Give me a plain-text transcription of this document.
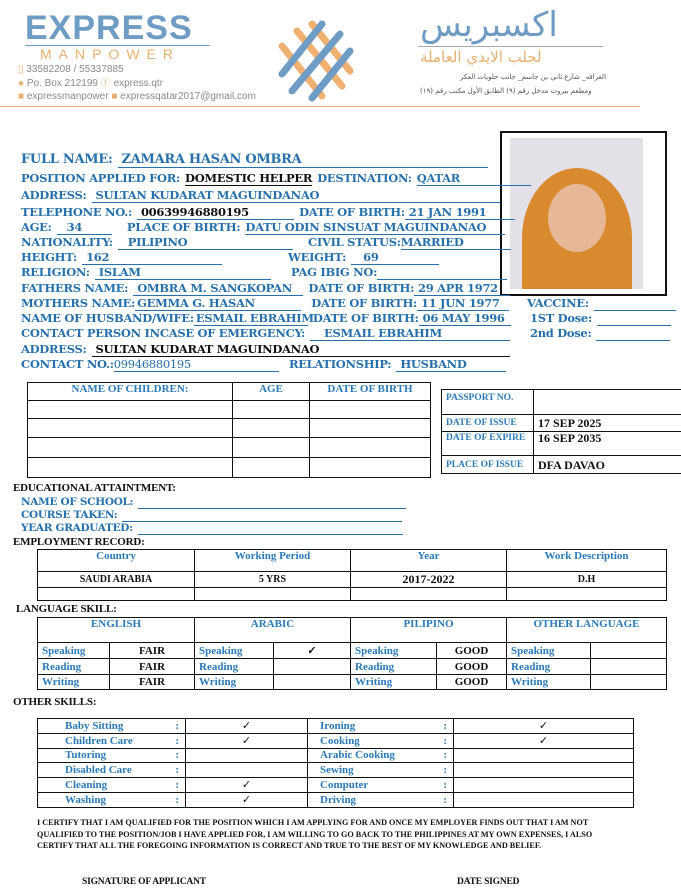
EXPRESS
MANPOWER
▯ 33582208 / 55337885
● Po. Box 212199 ⓕ express.qtr
■ expressmanpower ■ expressqatar2017@gmail.com
اكسبريس
لجلب الايدي العاملة
الغرافه_ شارع ثاني بن جاسم_ جانب حلويات العكر
ومطعم بيروت مدخل رقم (٩) الطابق الأول مكتب رقم (١٩)
$^{FULL NAME:}$ ZAMARA HASAN OMBRA
$^{POSITION APPLIED FOR:}$ DOMESTIC HELPER $^{DESTINATION:}$ QATAR
$^{ADDRESS:}$ SULTAN KUDARAT MAGUINDANAO
$^{TELEPHONE NO.:}$ 00639946880195	$^{DATE OF BIRTH:}$ 21 JAN 1991
$^{AGE:}$ 34	$^{PLACE OF BIRTH:}$ DATU ODIN SINSUAT MAGUINDANAO
$^{NATIONALITY:}$ PILIPINO	$^{CIVIL STATUS:}$MARRIED
$^{HEIGHT:}$ 162	$^{WEIGHT:}$ 69
$^{RELIGION:}$ ISLAM	$^{PAG IBIG NO:}$
$^{FATHERS NAME:}$ OMBRA M. SANGKOPAN $^{DATE OF BIRTH:}$ 29 APR 1972
$^{MOTHERS NAME:}$ GEMMA G. HASAN	$^{DATE OF BIRTH:}$ 11 JUN 1977
$^{NAME OF HUSBAND/WIFE:}$ ESMAIL EBRAHIM $^{DATE OF BIRTH:}$ 06 MAY 1996
$^{CONTACT PERSON INCASE OF EMERGENCY:}$ ESMAIL EBRAHIM
$^{ADDRESS:}$ SULTAN KUDARAT MAGUINDANAO
$^{CONTACT NO.:}$09946880195	$^{RELATIONSHIP:}$ HUSBAND
$^{VACCINE:}$
$^{1ST Dose:}$
$^{2nd Dose:}$
NAME OF CHILDREN:	AGE	DATE OF BIRTH

PASSPORT NO.	
DATE OF ISSUE	17 SEP 2025
DATE OF EXPIRE	16 SEP 2035
PLACE OF ISSUE	DFA DAVAO
EDUCATIONAL ATTAINTMENT:
$^{NAME OF SCHOOL:}$
$^{COURSE TAKEN:}$
$^{YEAR GRADUATED:}$
EMPLOYMENT RECORD:
Country	Working Period	Year	Work Description
SAUDI ARABIA	5 YRS	2017-2022	D.H

LANGUAGE SKILL:
ENGLISH		ARABIC		PILIPINO		OTHER LANGUAGE	
Speaking	FAIR	Speaking	✓	Speaking	GOOD	Speaking	
Reading	FAIR	Reading		Reading	GOOD	Reading	
Writing	FAIR	Writing		Writing	GOOD	Writing	
OTHER SKILLS:
Baby Sitting :	✓	Ironing :	✓
Children Care :	✓	Cooking :	✓
Tutoring :		Arabic Cooking :	

Disabled Care :		Sewing :	

Cleaning :	✓	Computer :	

Washing :	✓	Driving :	

I CERTIFY THAT I AM QUALIFIED FOR THE POSITION WHICH I AM APPLYING FOR AND ONCE MY EMPLOYER FINDS OUT THAT I AM NOT QUALIFIED TO THE POSITION/JOB I HAVE APPLIED FOR, I AM WILLING TO GO BACK TO THE PHILIPPINES AT MY OWN EXPENSES, I ALSO CERTIFY THAT ALL THE FOREGOING INFORMATION IS CORRECT AND TRUE TO THE BEST OF MY KNOWLEDGE AND BELIEF.
SIGNATURE OF APPLICANT	DATE SIGNED
